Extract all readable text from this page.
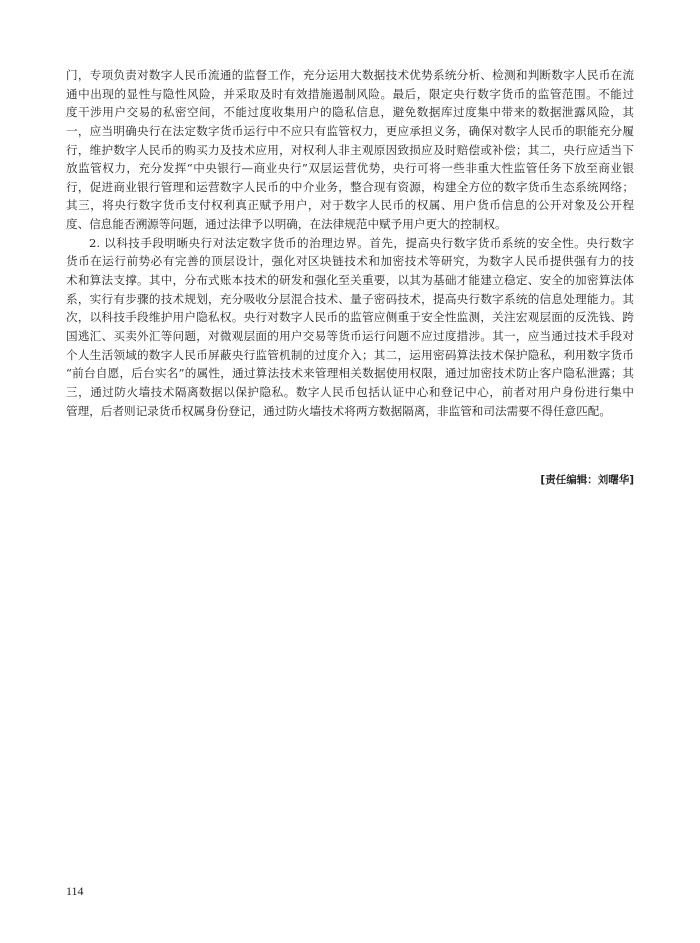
门，专项负责对数字人民币流通的监督工作，充分运用大数据技术优势系统分析、检测和判断数字人民币在流
通中出现的显性与隐性风险，并采取及时有效措施遏制风险。最后，限定央行数字货币的监管范围。不能过
度干涉用户交易的私密空间，不能过度收集用户的隐私信息，避免数据库过度集中带来的数据泄露风险，其
一，应当明确央行在法定数字货币运行中不应只有监管权力，更应承担义务，确保对数字人民币的职能充分履
行，维护数字人民币的购买力及技术应用，对权利人非主观原因致损应及时赔偿或补偿；其二，央行应适当下
放监管权力，充分发挥“中央银行—商业央行”双层运营优势，央行可将一些非重大性监管任务下放至商业银
行，促进商业银行管理和运营数字人民币的中介业务，整合现有资源，构建全方位的数字货币生态系统网络；
其三，将央行数字货币支付权利真正赋予用户，对于数字人民币的权属、用户货币信息的公开对象及公开程
度、信息能否溯源等问题，通过法律予以明确，在法律规范中赋予用户更大的控制权。
2. 以科技手段明晰央行对法定数字货币的治理边界。首先，提高央行数字货币系统的安全性。央行数字
货币在运行前势必有完善的顶层设计，强化对区块链技术和加密技术等研究，为数字人民币提供强有力的技
术和算法支撑。其中，分布式账本技术的研发和强化至关重要，以其为基础才能建立稳定、安全的加密算法体
系，实行有步骤的技术规划，充分吸收分层混合技术、量子密码技术，提高央行数字系统的信息处理能力。其
次，以科技手段维护用户隐私权。央行对数字人民币的监管应侧重于安全性监测，关注宏观层面的反洗钱、跨
国逃汇、买卖外汇等问题，对微观层面的用户交易等货币运行问题不应过度措涉。其一，应当通过技术手段对
个人生活领域的数字人民币屏蔽央行监管机制的过度介入；其二，运用密码算法技术保护隐私，利用数字货币
“前台自愿，后台实名”的属性，通过算法技术来管理相关数据使用权限，通过加密技术防止客户隐私泄露；其
三，通过防火墙技术隔离数据以保护隐私。数字人民币包括认证中心和登记中心，前者对用户身份进行集中
管理，后者则记录货币权属身份登记，通过防火墙技术将两方数据隔离，非监管和司法需要不得任意匹配。
[责任编辑：刘曙华]
114
